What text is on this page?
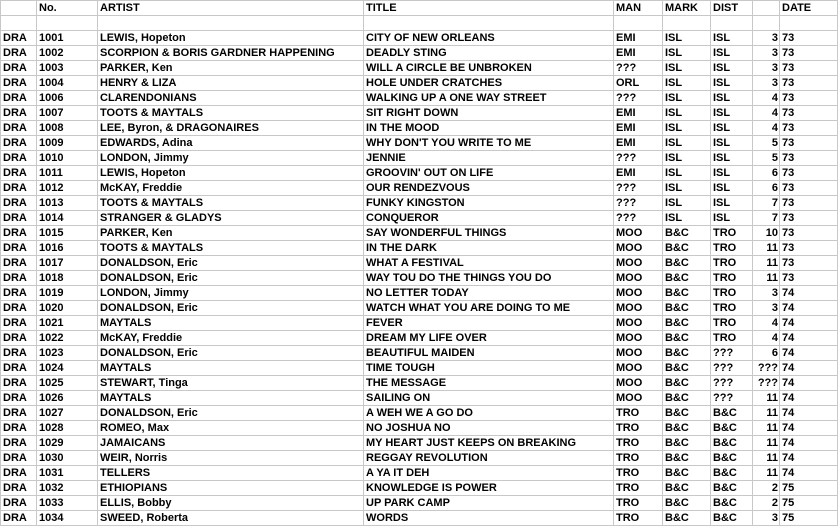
	No.	ARTIST	TITLE	MAN	MARK	DIST		DATE

DRA	1001	LEWIS, Hopeton	CITY OF NEW ORLEANS	EMI	ISL	ISL	3	73
DRA	1002	SCORPION & BORIS GARDNER HAPPENING	DEADLY STING	EMI	ISL	ISL	3	73
DRA	1003	PARKER, Ken	WILL A CIRCLE BE UNBROKEN	???	ISL	ISL	3	73
DRA	1004	HENRY & LIZA	HOLE UNDER CRATCHES	ORL	ISL	ISL	3	73
DRA	1006	CLARENDONIANS	WALKING UP A ONE WAY STREET	???	ISL	ISL	4	73
DRA	1007	TOOTS & MAYTALS	SIT RIGHT DOWN	EMI	ISL	ISL	4	73
DRA	1008	LEE, Byron, & DRAGONAIRES	IN THE MOOD	EMI	ISL	ISL	4	73
DRA	1009	EDWARDS, Adina	WHY DON'T YOU WRITE TO ME	EMI	ISL	ISL	5	73
DRA	1010	LONDON, Jimmy	JENNIE	???	ISL	ISL	5	73
DRA	1011	LEWIS, Hopeton	GROOVIN' OUT ON LIFE	EMI	ISL	ISL	6	73
DRA	1012	McKAY, Freddie	OUR RENDEZVOUS	???	ISL	ISL	6	73
DRA	1013	TOOTS & MAYTALS	FUNKY KINGSTON	???	ISL	ISL	7	73
DRA	1014	STRANGER & GLADYS	CONQUEROR	???	ISL	ISL	7	73
DRA	1015	PARKER, Ken	SAY WONDERFUL THINGS	MOO	B&C	TRO	10	73
DRA	1016	TOOTS & MAYTALS	IN THE DARK	MOO	B&C	TRO	11	73
DRA	1017	DONALDSON, Eric	WHAT A FESTIVAL	MOO	B&C	TRO	11	73
DRA	1018	DONALDSON, Eric	WAY TOU DO THE THINGS YOU DO	MOO	B&C	TRO	11	73
DRA	1019	LONDON, Jimmy	NO LETTER TODAY	MOO	B&C	TRO	3	74
DRA	1020	DONALDSON, Eric	WATCH WHAT YOU ARE DOING TO ME	MOO	B&C	TRO	3	74
DRA	1021	MAYTALS	FEVER	MOO	B&C	TRO	4	74
DRA	1022	McKAY, Freddie	DREAM MY LIFE OVER	MOO	B&C	TRO	4	74
DRA	1023	DONALDSON, Eric	BEAUTIFUL MAIDEN	MOO	B&C	???	6	74
DRA	1024	MAYTALS	TIME TOUGH	MOO	B&C	???	???	74
DRA	1025	STEWART, Tinga	THE MESSAGE	MOO	B&C	???	???	74
DRA	1026	MAYTALS	SAILING ON	MOO	B&C	???	11	74
DRA	1027	DONALDSON, Eric	A WEH WE A GO DO	TRO	B&C	B&C	11	74
DRA	1028	ROMEO, Max	NO JOSHUA NO	TRO	B&C	B&C	11	74
DRA	1029	JAMAICANS	MY HEART JUST KEEPS ON BREAKING	TRO	B&C	B&C	11	74
DRA	1030	WEIR, Norris	REGGAY REVOLUTION	TRO	B&C	B&C	11	74
DRA	1031	TELLERS	A YA IT DEH	TRO	B&C	B&C	11	74
DRA	1032	ETHIOPIANS	KNOWLEDGE IS POWER	TRO	B&C	B&C	2	75
DRA	1033	ELLIS, Bobby	UP PARK CAMP	TRO	B&C	B&C	2	75
DRA	1034	SWEED, Roberta	WORDS	TRO	B&C	B&C	3	75
